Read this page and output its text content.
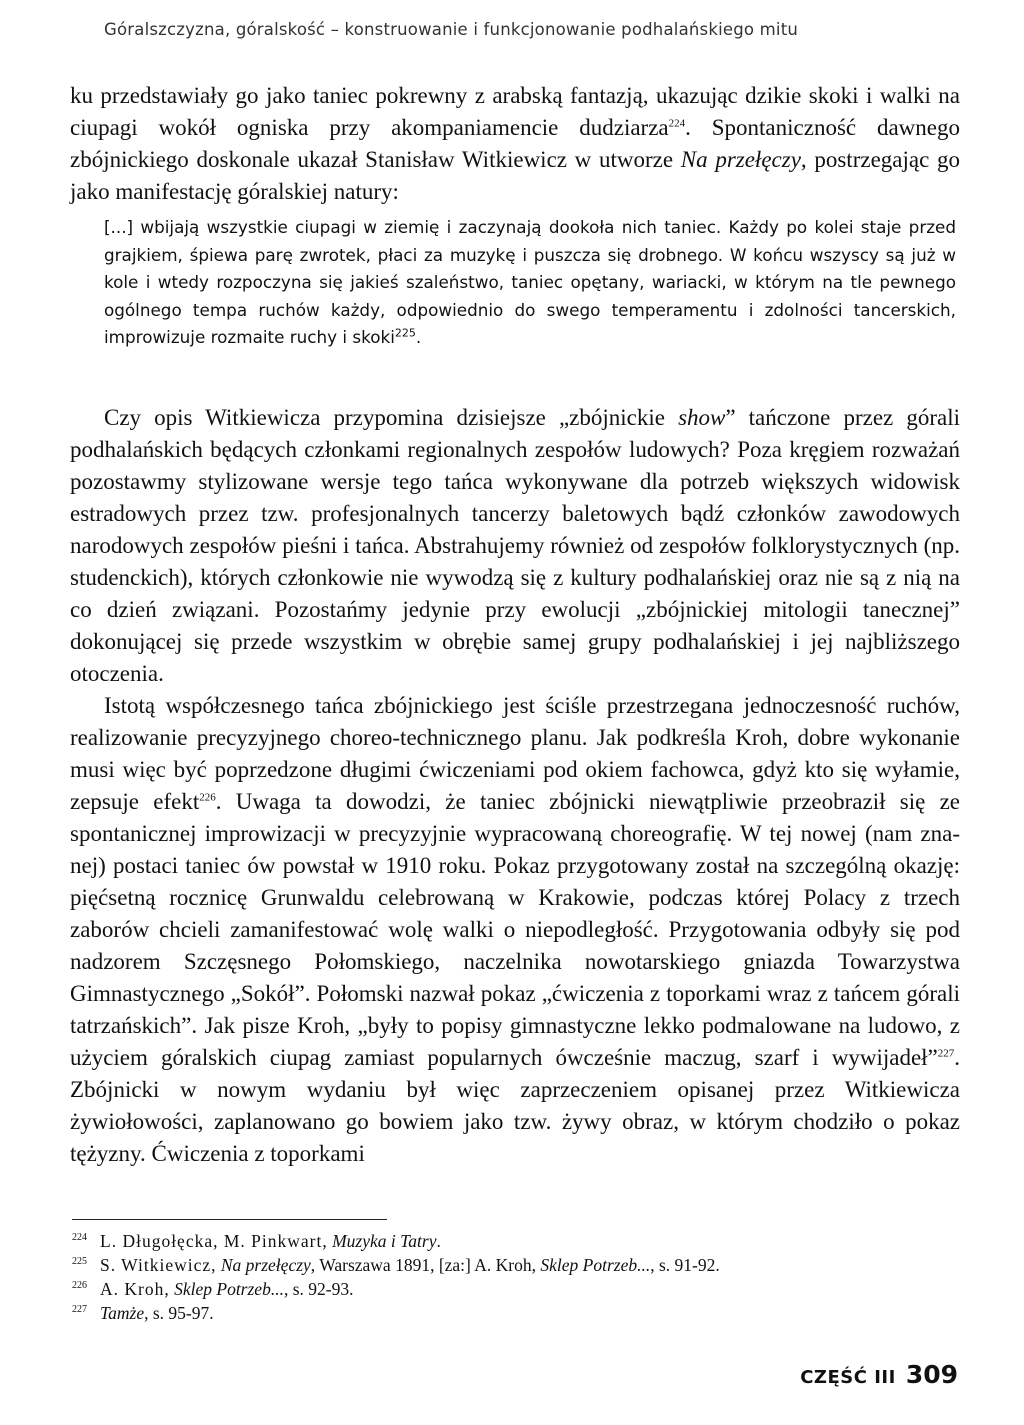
Góralszczyzna, góralskość – konstruowanie i funkcjonowanie podhalańskiego mitu

ku przedstawiały go jako taniec pokrewny z arabską fantazją, ukazując dzikie skoki i walki na ciupagi wokół ogniska przy akompaniamencie dudziarza$^{224}$. Spontaniczność dawnego zbójnickiego doskonale ukazał Stanisław Witkiewicz w utworze Na przełęczy, postrzegając go jako manifestację góralskiej natury:

[...] wbijają wszystkie ciupagi w ziemię i zaczynają dookoła nich taniec. Każdy po kolei staje przed grajkiem, śpiewa parę zwrotek, płaci za muzykę i puszcza się drobnego. W końcu wszyscy są już w kole i wtedy rozpoczyna się jakieś szaleństwo, taniec opętany, wariacki, w którym na tle pewnego ogólnego tempa ruchów każdy, odpowiednio do swego temperamentu i zdolności tancerskich, improwizuje rozmaite ruchy i skoki$^{225}$.

Czy opis Witkiewicza przypomina dzisiejsze „zbójnickie show” tańczone przez górali podhalańskich będących członkami regionalnych zespołów ludowych? Poza kręgiem rozważań pozostawmy stylizowane wersje tego tańca wykonywane dla potrzeb większych widowisk estradowych przez tzw. profesjonalnych tancerzy baletowych bądź członków zawodowych narodowych zespołów pieśni i tańca. Abstrahujemy również od zespołów folklorystycznych (np. studenckich), których członkowie nie wywodzą się z kultury podhalańskiej oraz nie są z nią na co dzień związani. Pozostańmy jedynie przy ewolucji „zbójnickiej mitologii tanecznej” dokonującej się przede wszystkim w obrębie samej grupy podhalańskiej i jej najbliższego otoczenia.

Istotą współczesnego tańca zbójnickiego jest ściśle przestrzegana jednoczesność ruchów, realizowanie precyzyjnego choreo-technicznego planu. Jak podkreśla Kroh, dobre wykonanie musi więc być poprzedzone długimi ćwiczeniami pod okiem fachowca, gdyż kto się wyłamie, zepsuje efekt$^{226}$. Uwaga ta dowodzi, że taniec zbójnicki niewątpliwie przeobraził się ze spontanicznej improwizacji w precyzyjnie wypracowaną choreografię. W tej nowej (nam znanej) postaci taniec ów powstał w 1910 roku. Pokaz przygotowany został na szczególną okazję: pięćsetną rocznicę Grunwaldu celebrowaną w Krakowie, podczas której Polacy z trzech zaborów chcieli zamanifestować wolę walki o niepodległość. Przygotowania odbyły się pod nadzorem Szczęsnego Połomskiego, naczelnika nowotarskiego gniazda Towarzystwa Gimnastycznego „Sokół”. Połomski nazwał pokaz „ćwiczenia z toporkami wraz z tańcem górali tatrzańskich”. Jak pisze Kroh, „były to popisy gimnastyczne lekko podmalowane na ludowo, z użyciem góralskich ciupag zamiast popularnych ówcześnie maczug, szarf i wywijadeł”$^{227}$. Zbójnicki w nowym wydaniu był więc zaprzeczeniem opisanej przez Witkiewicza żywiołowości, zaplanowano go bowiem jako tzw. żywy obraz, w którym chodziło o pokaz tężyzny. Ćwiczenia z toporkami

224 L. Długołęcka, M. Pinkwart, Muzyka i Tatry.
225 S. Witkiewicz, Na przełęczy, Warszawa 1891, [za:] A. Kroh, Sklep Potrzeb..., s. 91-92.
226 A. Kroh, Sklep Potrzeb..., s. 92-93.
227 Tamże, s. 95-97.
CZĘŚĆ III 309
